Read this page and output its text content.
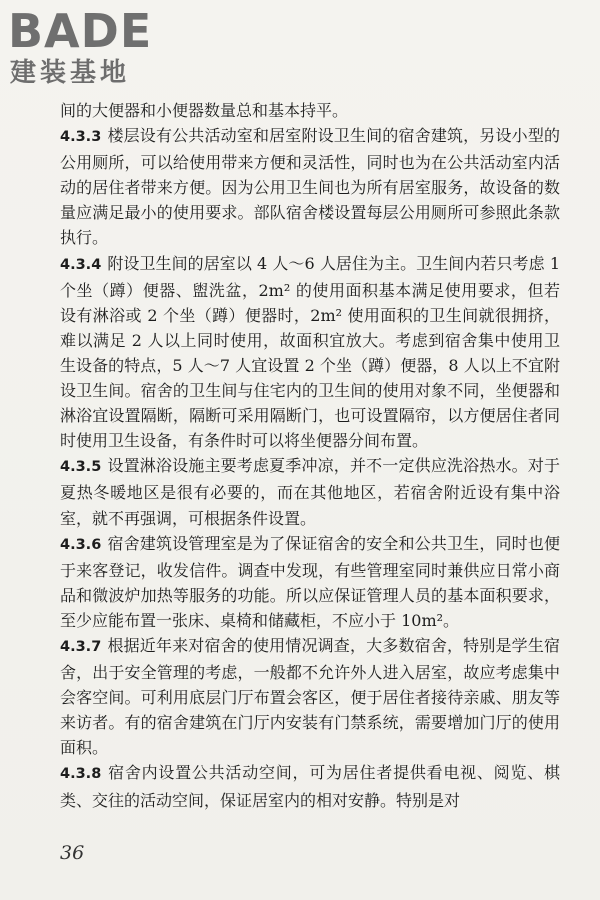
BADE
建装基地

间的大便器和小便器数量总和基本持平。

4.3.3 楼层设有公共活动室和居室附设卫生间的宿舍建筑，另设小型的公用厕所，可以给使用带来方便和灵活性，同时也为在公共活动室内活动的居住者带来方便。因为公用卫生间也为所有居室服务，故设备的数量应满足最小的使用要求。部队宿舍楼设置每层公用厕所可参照此条款执行。

4.3.4 附设卫生间的居室以 4 人～6 人居住为主。卫生间内若只考虑 1 个坐（蹲）便器、盥洗盆，2m² 的使用面积基本满足使用要求，但若设有淋浴或 2 个坐（蹲）便器时，2m² 使用面积的卫生间就很拥挤，难以满足 2 人以上同时使用，故面积宜放大。考虑到宿舍集中使用卫生设备的特点，5 人～7 人宜设置 2 个坐（蹲）便器，8 人以上不宜附设卫生间。宿舍的卫生间与住宅内的卫生间的使用对象不同，坐便器和淋浴宜设置隔断，隔断可采用隔断门，也可设置隔帘，以方便居住者同时使用卫生设备，有条件时可以将坐便器分间布置。

4.3.5 设置淋浴设施主要考虑夏季冲凉，并不一定供应洗浴热水。对于夏热冬暖地区是很有必要的，而在其他地区，若宿舍附近设有集中浴室，就不再强调，可根据条件设置。

4.3.6 宿舍建筑设管理室是为了保证宿舍的安全和公共卫生，同时也便于来客登记，收发信件。调查中发现，有些管理室同时兼供应日常小商品和微波炉加热等服务的功能。所以应保证管理人员的基本面积要求，至少应能布置一张床、桌椅和储藏柜，不应小于 10m²。

4.3.7 根据近年来对宿舍的使用情况调查，大多数宿舍，特别是学生宿舍，出于安全管理的考虑，一般都不允许外人进入居室，故应考虑集中会客空间。可利用底层门厅布置会客区，便于居住者接待亲戚、朋友等来访者。有的宿舍建筑在门厅内安装有门禁系统，需要增加门厅的使用面积。

4.3.8 宿舍内设置公共活动空间，可为居住者提供看电视、阅览、棋类、交往的活动空间，保证居室内的相对安静。特别是对

36
